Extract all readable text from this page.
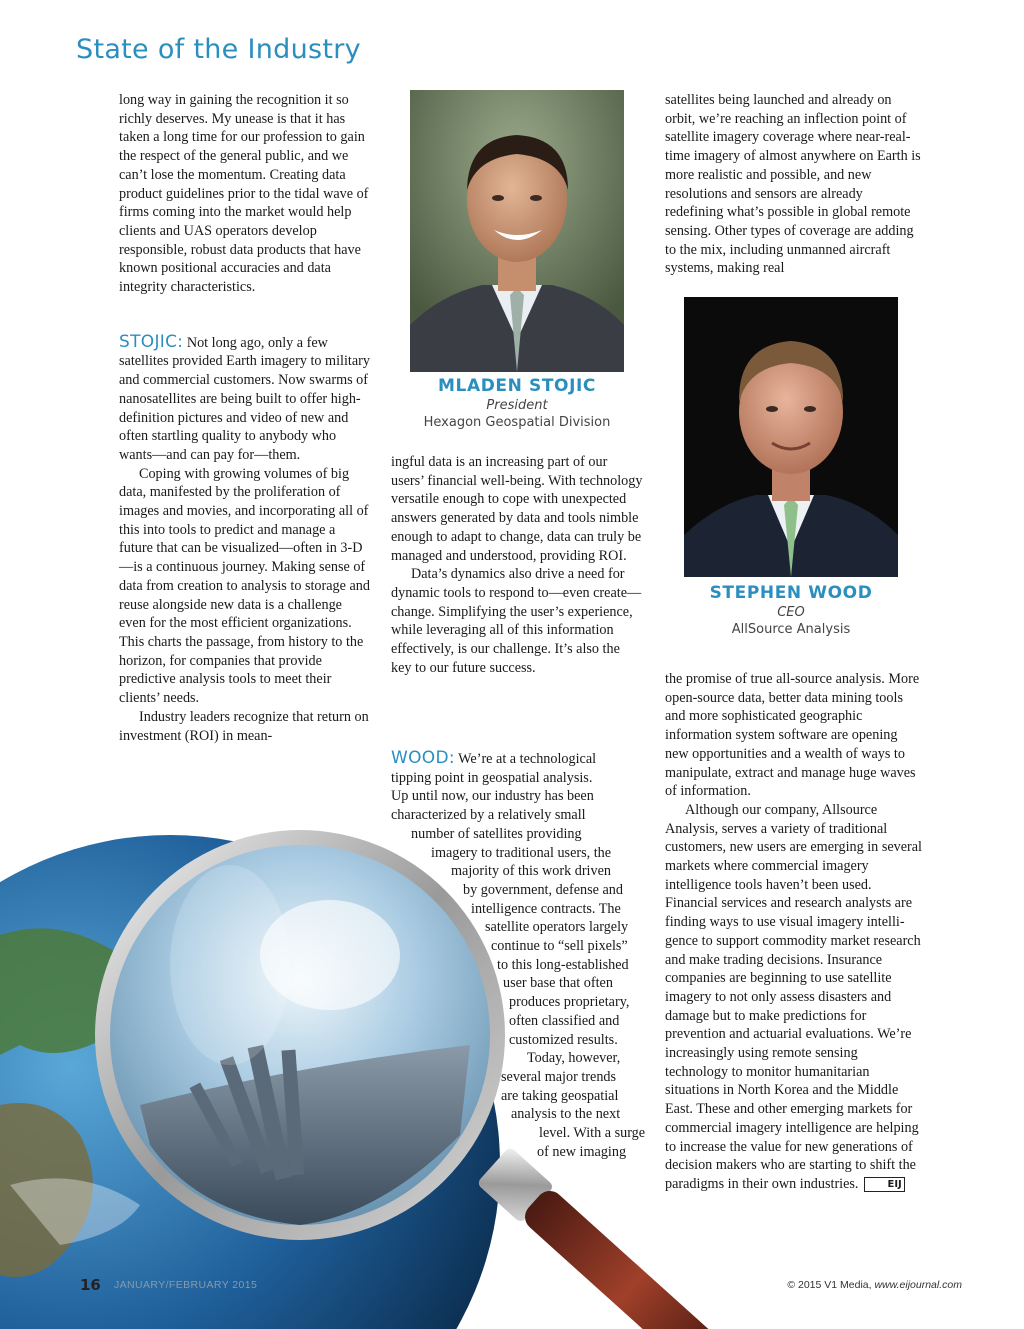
State of the Industry

long way in gaining the recognition it so richly deserves. My unease is that it has taken a long time for our profession to gain the respect of the general public, and we can’t lose the momentum. Creating data product guidelines prior to the tidal wave of firms coming into the market would help clients and UAS operators develop responsible, robust data products that have known positional accuracies and data integrity characteristics.

STOJIC: Not long ago, only a few satellites provided Earth imagery to military and commercial customers. Now swarms of nanosatellites are being built to offer high-definition pictures and video of new and often startling quality to anybody who wants—and can pay for—them.

Coping with growing volumes of big data, manifested by the proliferation of images and movies, and incorporating all of this into tools to predict and manage a future that can be visualized—often in 3-D—is a continuous journey. Making sense of data from creation to analysis to storage and reuse alongside new data is a challenge even for the most efficient organizations. This charts the passage, from history to the horizon, for companies that provide predictive analysis tools to meet their clients’ needs.

Industry leaders recognize that return on investment (ROI) in mean-

MLADEN STOJIC

President

Hexagon Geospatial Division

ingful data is an increasing part of our users’ financial well-being. With technology versatile enough to cope with unexpected answers generated by data and tools nimble enough to adapt to change, data can truly be managed and understood, providing ROI.

Data’s dynamics also drive a need for dynamic tools to respond to—even create—change. Simplifying the user’s experience, while leveraging all of this information effectively, is our challenge. It’s also the key to our future success.

WOOD: We’re at a technological

tipping point in geospatial analysis.

Up until now, our industry has been

characterized by a relatively small

number of satellites providing

imagery to traditional users, the

majority of this work driven

by government, defense and

intelligence contracts. The

satellite operators largely

continue to “sell pixels”

to this long-established

user base that often

produces proprietary,

often classified and

customized results.

Today, however,

several major trends

are taking geospatial

analysis to the next

level. With a surge

of new imaging

satellites being launched and already on orbit, we’re reaching an inflection point of satellite imagery coverage where near-real-time imagery of almost anywhere on Earth is more realistic and possible, and new resolutions and sensors are already redefining what’s possible in global remote sensing. Other types of coverage are adding to the mix, including unmanned aircraft systems, making real

STEPHEN WOOD

CEO

AllSource Analysis

the promise of true all-source analysis. More open-source data, better data mining tools and more sophisticated geographic information system software are opening new opportunities and a wealth of ways to manipulate, extract and manage huge waves of information.

Although our company, Allsource Analysis, serves a variety of traditional customers, new users are emerging in several markets where commercial imagery intelligence tools haven’t been used. Financial services and research analysts are finding ways to use visual imagery intelligence to support commodity market research and make trading decisions. Insurance companies are beginning to use satellite imagery to not only assess disasters and damage but to make predictions for prevention and actuarial evaluations. We’re increasingly using remote sensing technology to monitor humanitarian situations in North Korea and the Middle East. These and other emerging markets for commercial imagery intelligence are helping to increase the value for new generations of decision makers who are starting to shift the paradigms in their own industries.	EIJ

16 JANUARY/FEBRUARY 2015	© 2015 V1 Media, www.eijournal.com
